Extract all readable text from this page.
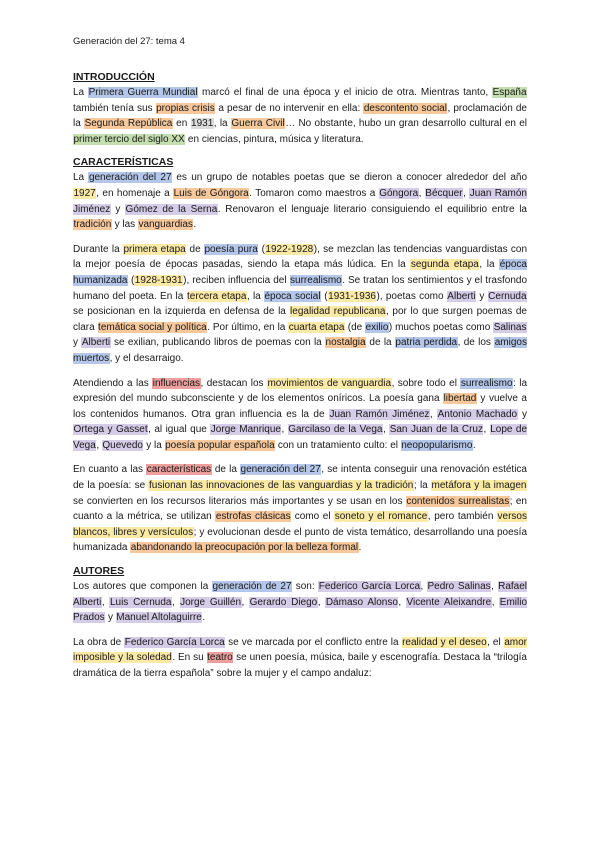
Generación del 27: tema 4
INTRODUCCIÓN

La Primera Guerra Mundial marcó el final de una época y el inicio de otra. Mientras tanto, España también tenía sus propias crisis a pesar de no intervenir en ella: descontento social, proclamación de la Segunda República en 1931, la Guerra Civil… No obstante, hubo un gran desarrollo cultural en el primer tercio del siglo XX en ciencias, pintura, música y literatura.

CARACTERÍSTICAS

La generación del 27 es un grupo de notables poetas que se dieron a conocer alrededor del año 1927, en homenaje a Luis de Góngora. Tomaron como maestros a Góngora, Bécquer, Juan Ramón Jiménez y Gómez de la Serna. Renovaron el lenguaje literario consiguiendo el equilibrio entre la tradición y las vanguardias.

Durante la primera etapa de poesía pura (1922-1928), se mezclan las tendencias vanguardistas con la mejor poesía de épocas pasadas, siendo la etapa más lúdica. En la segunda etapa, la época humanizada (1928-1931), reciben influencia del surrealismo. Se tratan los sentimientos y el trasfondo humano del poeta. En la tercera etapa, la época social (1931-1936), poetas como Alberti y Cernuda se posicionan en la izquierda en defensa de la legalidad republicana, por lo que surgen poemas de clara temática social y política. Por último, en la cuarta etapa (de exilio) muchos poetas como Salinas y Alberti se exilian, publicando libros de poemas con la nostalgia de la patria perdida, de los amigos muertos, y el desarraigo.

Atendiendo a las influencias, destacan los movimientos de vanguardia, sobre todo el surrealismo: la expresión del mundo subconsciente y de los elementos oníricos. La poesía gana libertad y vuelve a los contenidos humanos. Otra gran influencia es la de Juan Ramón Jiménez, Antonio Machado y Ortega y Gasset, al igual que Jorge Manrique, Garcilaso de la Vega, San Juan de la Cruz, Lope de Vega, Quevedo y la poesía popular española con un tratamiento culto: el neopopularismo.

En cuanto a las características de la generación del 27, se intenta conseguir una renovación estética de la poesía: se fusionan las innovaciones de las vanguardias y la tradición; la metáfora y la imagen se convierten en los recursos literarios más importantes y se usan en los contenidos surrealistas; en cuanto a la métrica, se utilizan estrofas clásicas como el soneto y el romance, pero también versos blancos, libres y versículos; y evolucionan desde el punto de vista temático, desarrollando una poesía humanizada abandonando la preocupación por la belleza formal.

AUTORES

Los autores que componen la generación de 27 son: Federico García Lorca, Pedro Salinas, Rafael Alberti, Luis Cernuda, Jorge Guillén, Gerardo Diego, Dámaso Alonso, Vicente Aleixandre, Emilio Prados y Manuel Altolaguirre.

La obra de Federico García Lorca se ve marcada por el conflicto entre la realidad y el deseo, el amor imposible y la soledad. En su teatro se unen poesía, música, baile y escenografía. Destaca la “trilogía dramática de la tierra española” sobre la mujer y el campo andaluz:
